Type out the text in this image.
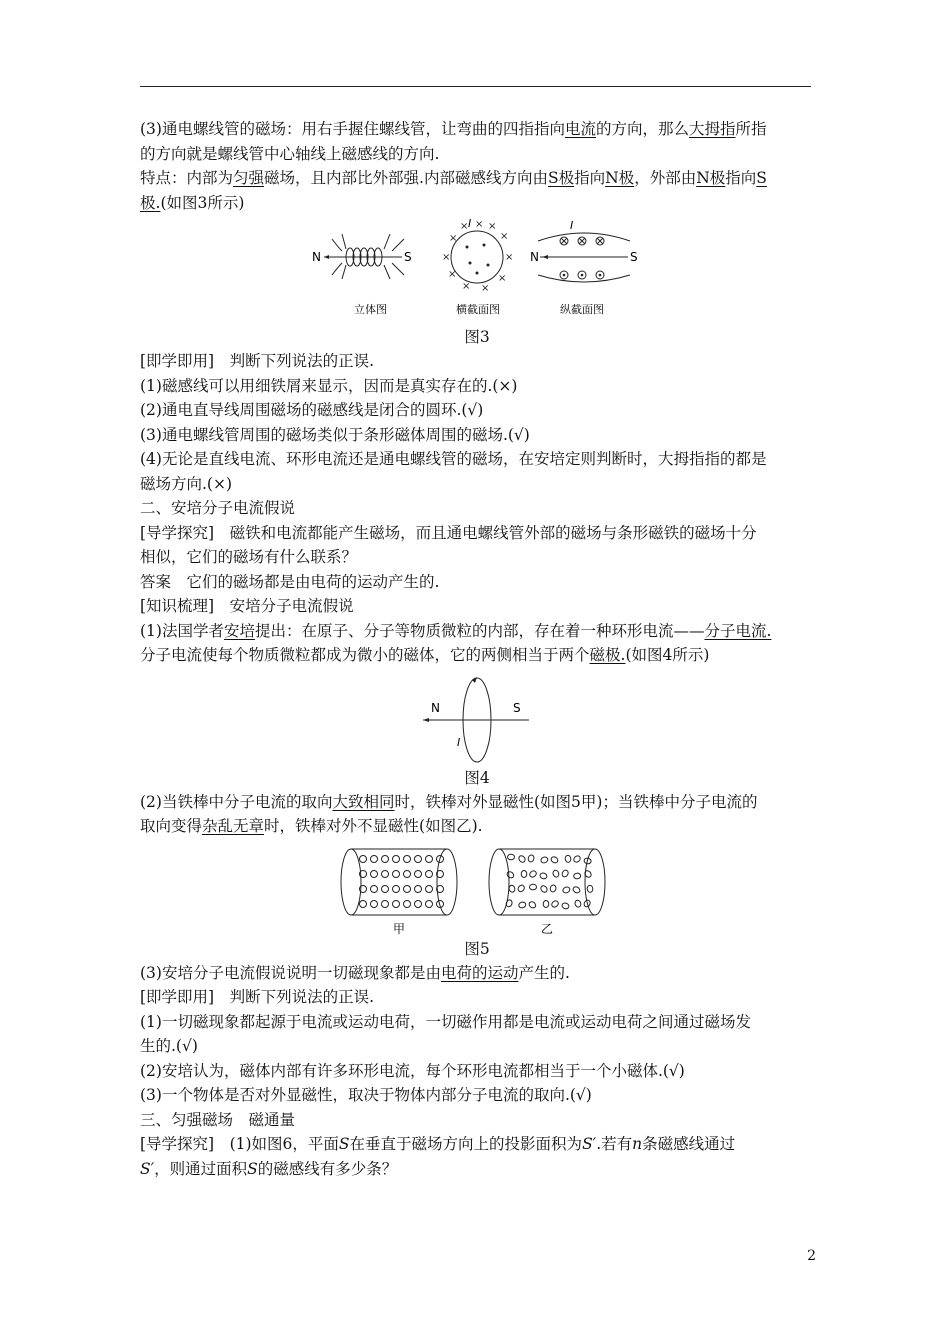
(3)通电螺线管的磁场：用右手握住螺线管，让弯曲的四指指向电流的方向，那么大拇指所指
的方向就是螺线管中心轴线上磁感线的方向.
特点：内部为匀强磁场，且内部比外部强.内部磁感线方向由S极指向N极，外部由N极指向S
极.(如图3所示)
N	S
I × ×
×
×
×
×
×
×
×
×
×
N	S
I
立体图	横截面图	纵截面图
图3
[即学即用]　判断下列说法的正误.
(1)磁感线可以用细铁屑来显示，因而是真实存在的.(×)
(2)通电直导线周围磁场的磁感线是闭合的圆环.(√)
(3)通电螺线管周围的磁场类似于条形磁体周围的磁场.(√)
(4)无论是直线电流、环形电流还是通电螺线管的磁场，在安培定则判断时，大拇指指的都是
磁场方向.(×)
二、安培分子电流假说
[导学探究]　磁铁和电流都能产生磁场，而且通电螺线管外部的磁场与条形磁铁的磁场十分
相似，它们的磁场有什么联系？
答案　它们的磁场都是由电荷的运动产生的.
[知识梳理]　安培分子电流假说
(1)法国学者安培提出：在原子、分子等物质微粒的内部，存在着一种环形电流——分子电流.
分子电流使每个物质微粒都成为微小的磁体，它的两侧相当于两个磁极.(如图4所示)
N	S
I
图4
(2)当铁棒中分子电流的取向大致相同时，铁棒对外显磁性(如图5甲)；当铁棒中分子电流的
取向变得杂乱无章时，铁棒对外不显磁性(如图乙).
甲	乙
图5
(3)安培分子电流假说说明一切磁现象都是由电荷的运动产生的.
[即学即用]　判断下列说法的正误.
(1)一切磁现象都起源于电流或运动电荷，一切磁作用都是电流或运动电荷之间通过磁场发
生的.(√)
(2)安培认为，磁体内部有许多环形电流，每个环形电流都相当于一个小磁体.(√)
(3)一个物体是否对外显磁性，取决于物体内部分子电流的取向.(√)
三、匀强磁场　磁通量
[导学探究]　(1)如图6，平面S在垂直于磁场方向上的投影面积为S′.若有n条磁感线通过
S′，则通过面积S的磁感线有多少条？
2
